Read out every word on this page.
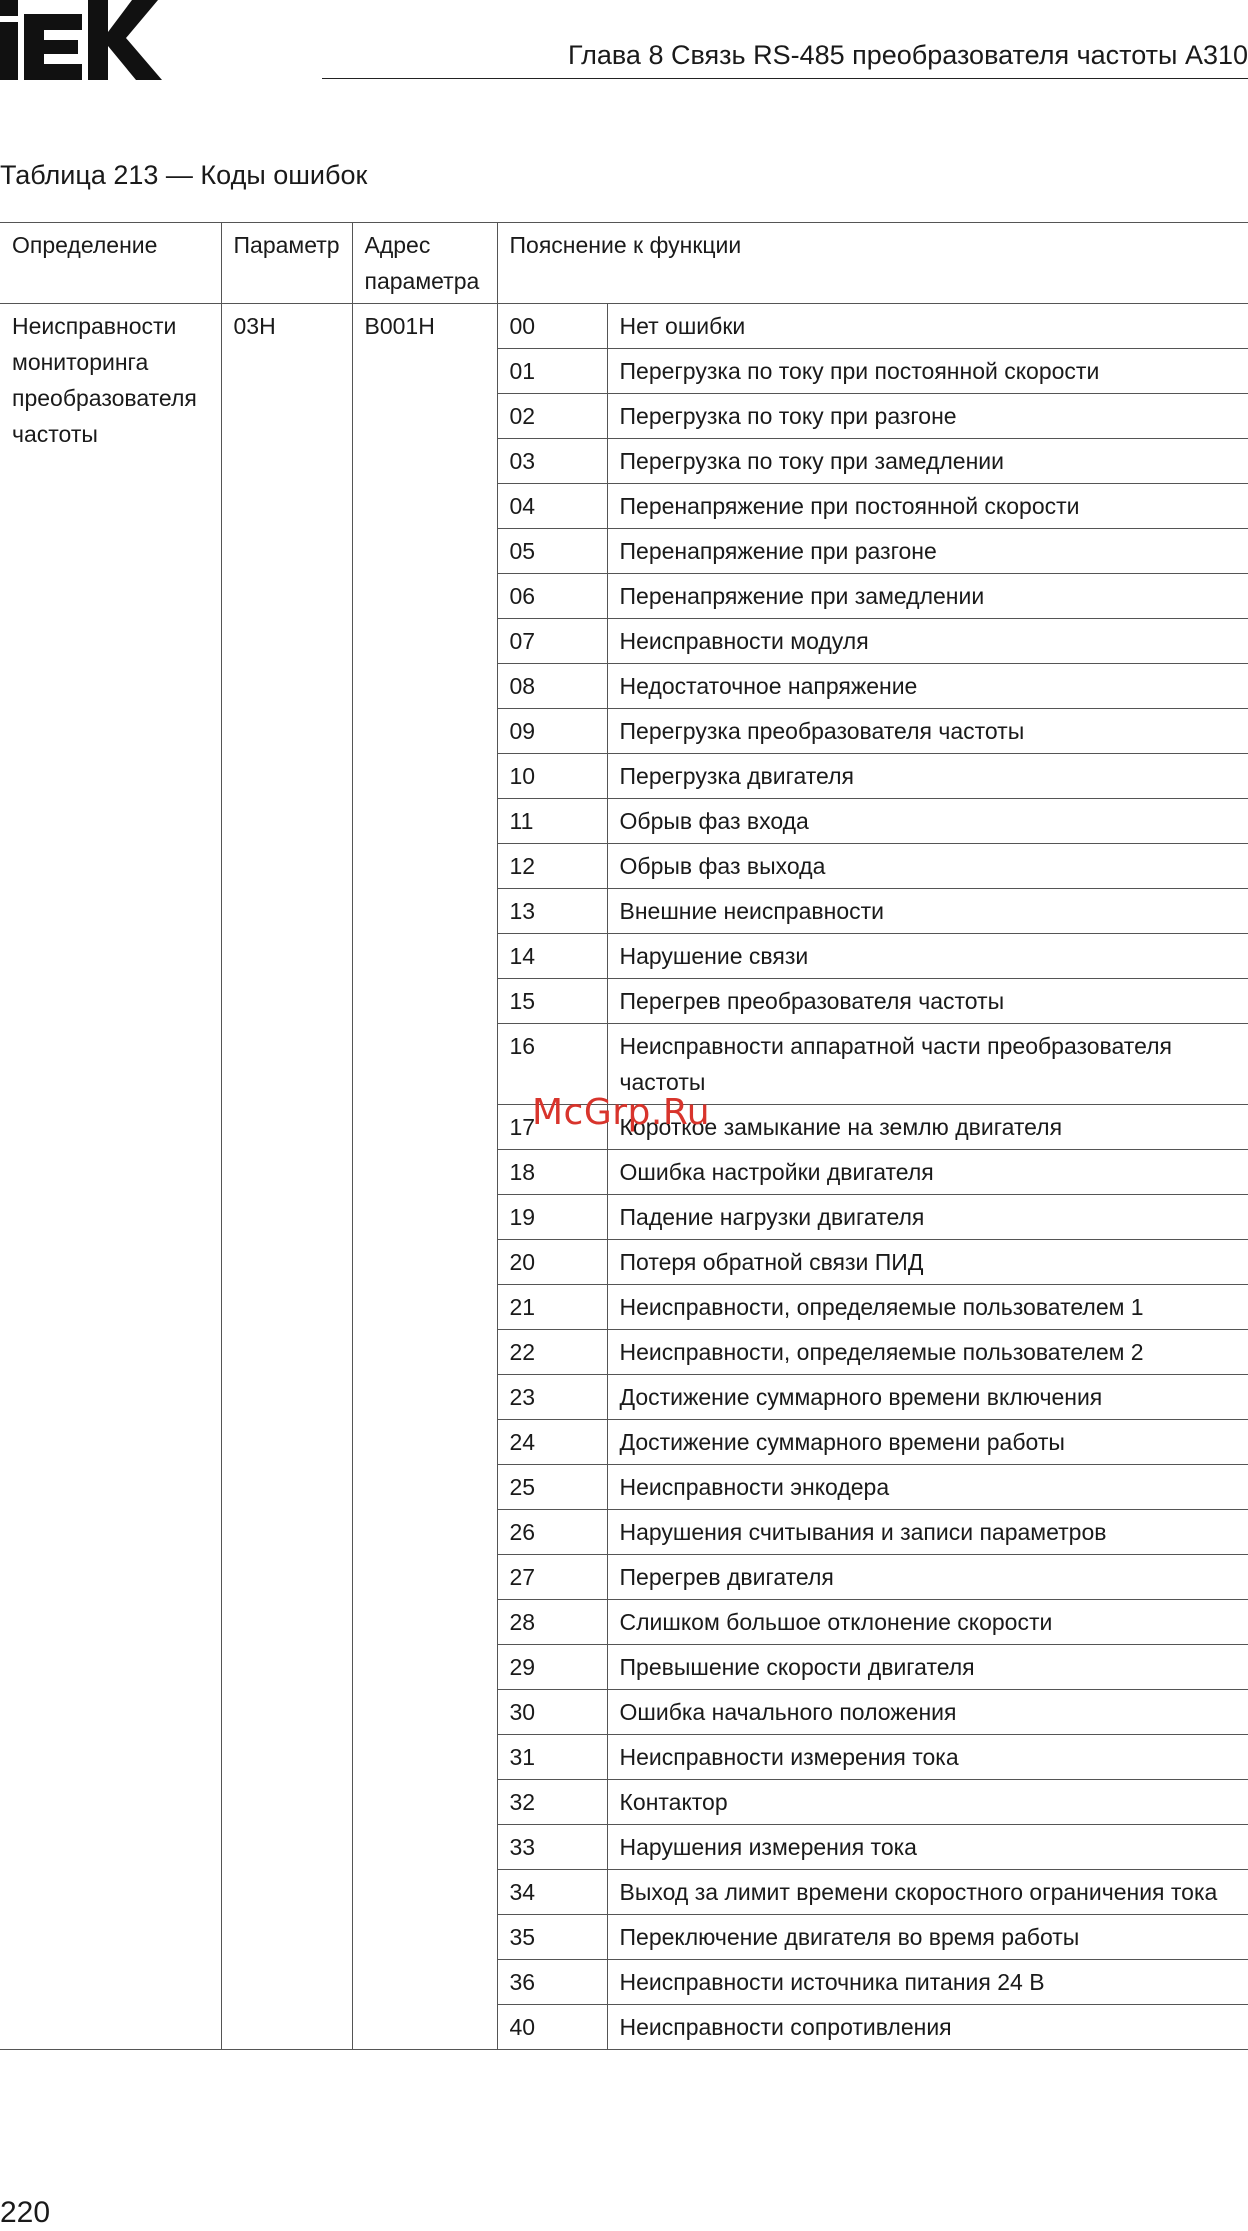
Глава 8 Связь RS-485 преобразователя частоты A310
Таблица 213 — Коды ошибок
Определение	Параметр	Адрес параметра	Пояснение к функции	
Неисправности мониторинга преобразователя частоты	03H	B001H	00	Нет ошибки
			01	Перегрузка по току при постоянной скорости
			02	Перегрузка по току при разгоне
			03	Перегрузка по току при замедлении
			04	Перенапряжение при постоянной скорости
			05	Перенапряжение при разгоне
			06	Перенапряжение при замедлении
			07	Неисправности модуля
			08	Недостаточное напряжение
			09	Перегрузка преобразователя частоты
			10	Перегрузка двигателя
			11	Обрыв фаз входа
			12	Обрыв фаз выхода
			13	Внешние неисправности
			14	Нарушение связи
			15	Перегрев преобразователя частоты
			16	Неисправности аппаратной части преобразователя частоты
			17	Короткое замыкание на землю двигателя
			18	Ошибка настройки двигателя
			19	Падение нагрузки двигателя
			20	Потеря обратной связи ПИД
			21	Неисправности, определяемые пользователем 1
			22	Неисправности, определяемые пользователем 2
			23	Достижение суммарного времени включения
			24	Достижение суммарного времени работы
			25	Неисправности энкодера
			26	Нарушения считывания и записи параметров
			27	Перегрев двигателя
			28	Слишком большое отклонение скорости
			29	Превышение скорости двигателя
			30	Ошибка начального положения
			31	Неисправности измерения тока
			32	Контактор
			33	Нарушения измерения тока
			34	Выход за лимит времени скоростного ограничения тока
			35	Переключение двигателя во время работы
			36	Неисправности источника питания 24 В
			40	Неисправности сопротивления
McGrp.Ru
220
